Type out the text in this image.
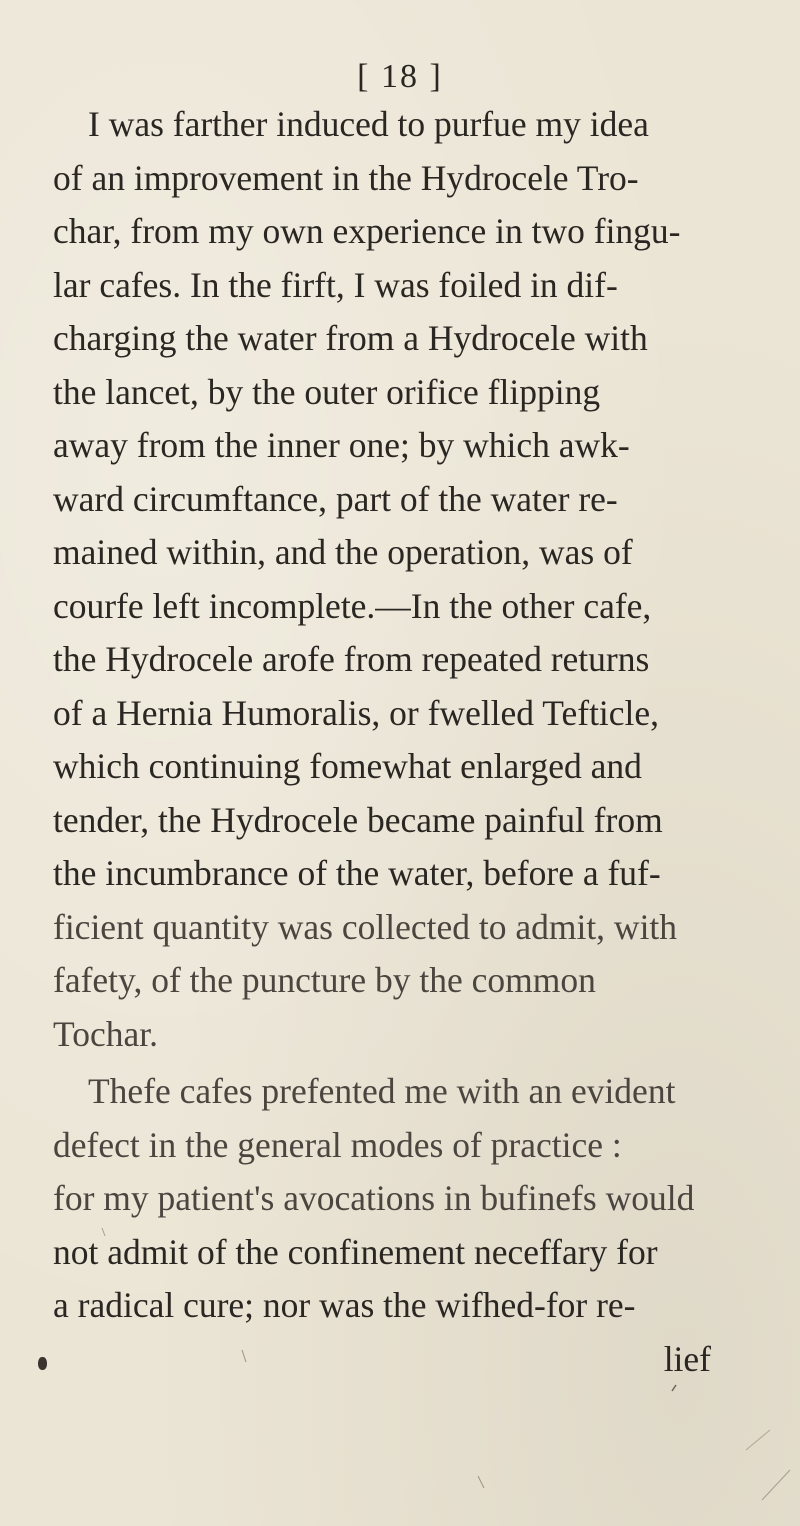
[ 18 ]
I was farther induced to purfue my idea
of an improvement in the Hydrocele Tro-
char, from my own experience in two fingu-
lar cafes. In the firft, I was foiled in dif-
charging the water from a Hydrocele with
the lancet, by the outer orifice flipping
away from the inner one; by which awk-
ward circumftance, part of the water re-
mained within, and the operation, was of
courfe left incomplete.—In the other cafe,
the Hydrocele arofe from repeated returns
of a Hernia Humoralis, or fwelled Tefticle,
which continuing fomewhat enlarged and
tender, the Hydrocele became painful from
the incumbrance of the water, before a fuf-
ficient quantity was collected to admit, with
fafety, of the puncture by the common
Tochar.
Thefe cafes prefented me with an evident
defect in the general modes of practice :
for my patient's avocations in bufinefs would
not admit of the confinement neceffary for
a radical cure; nor was the wifhed-for re-
lief
